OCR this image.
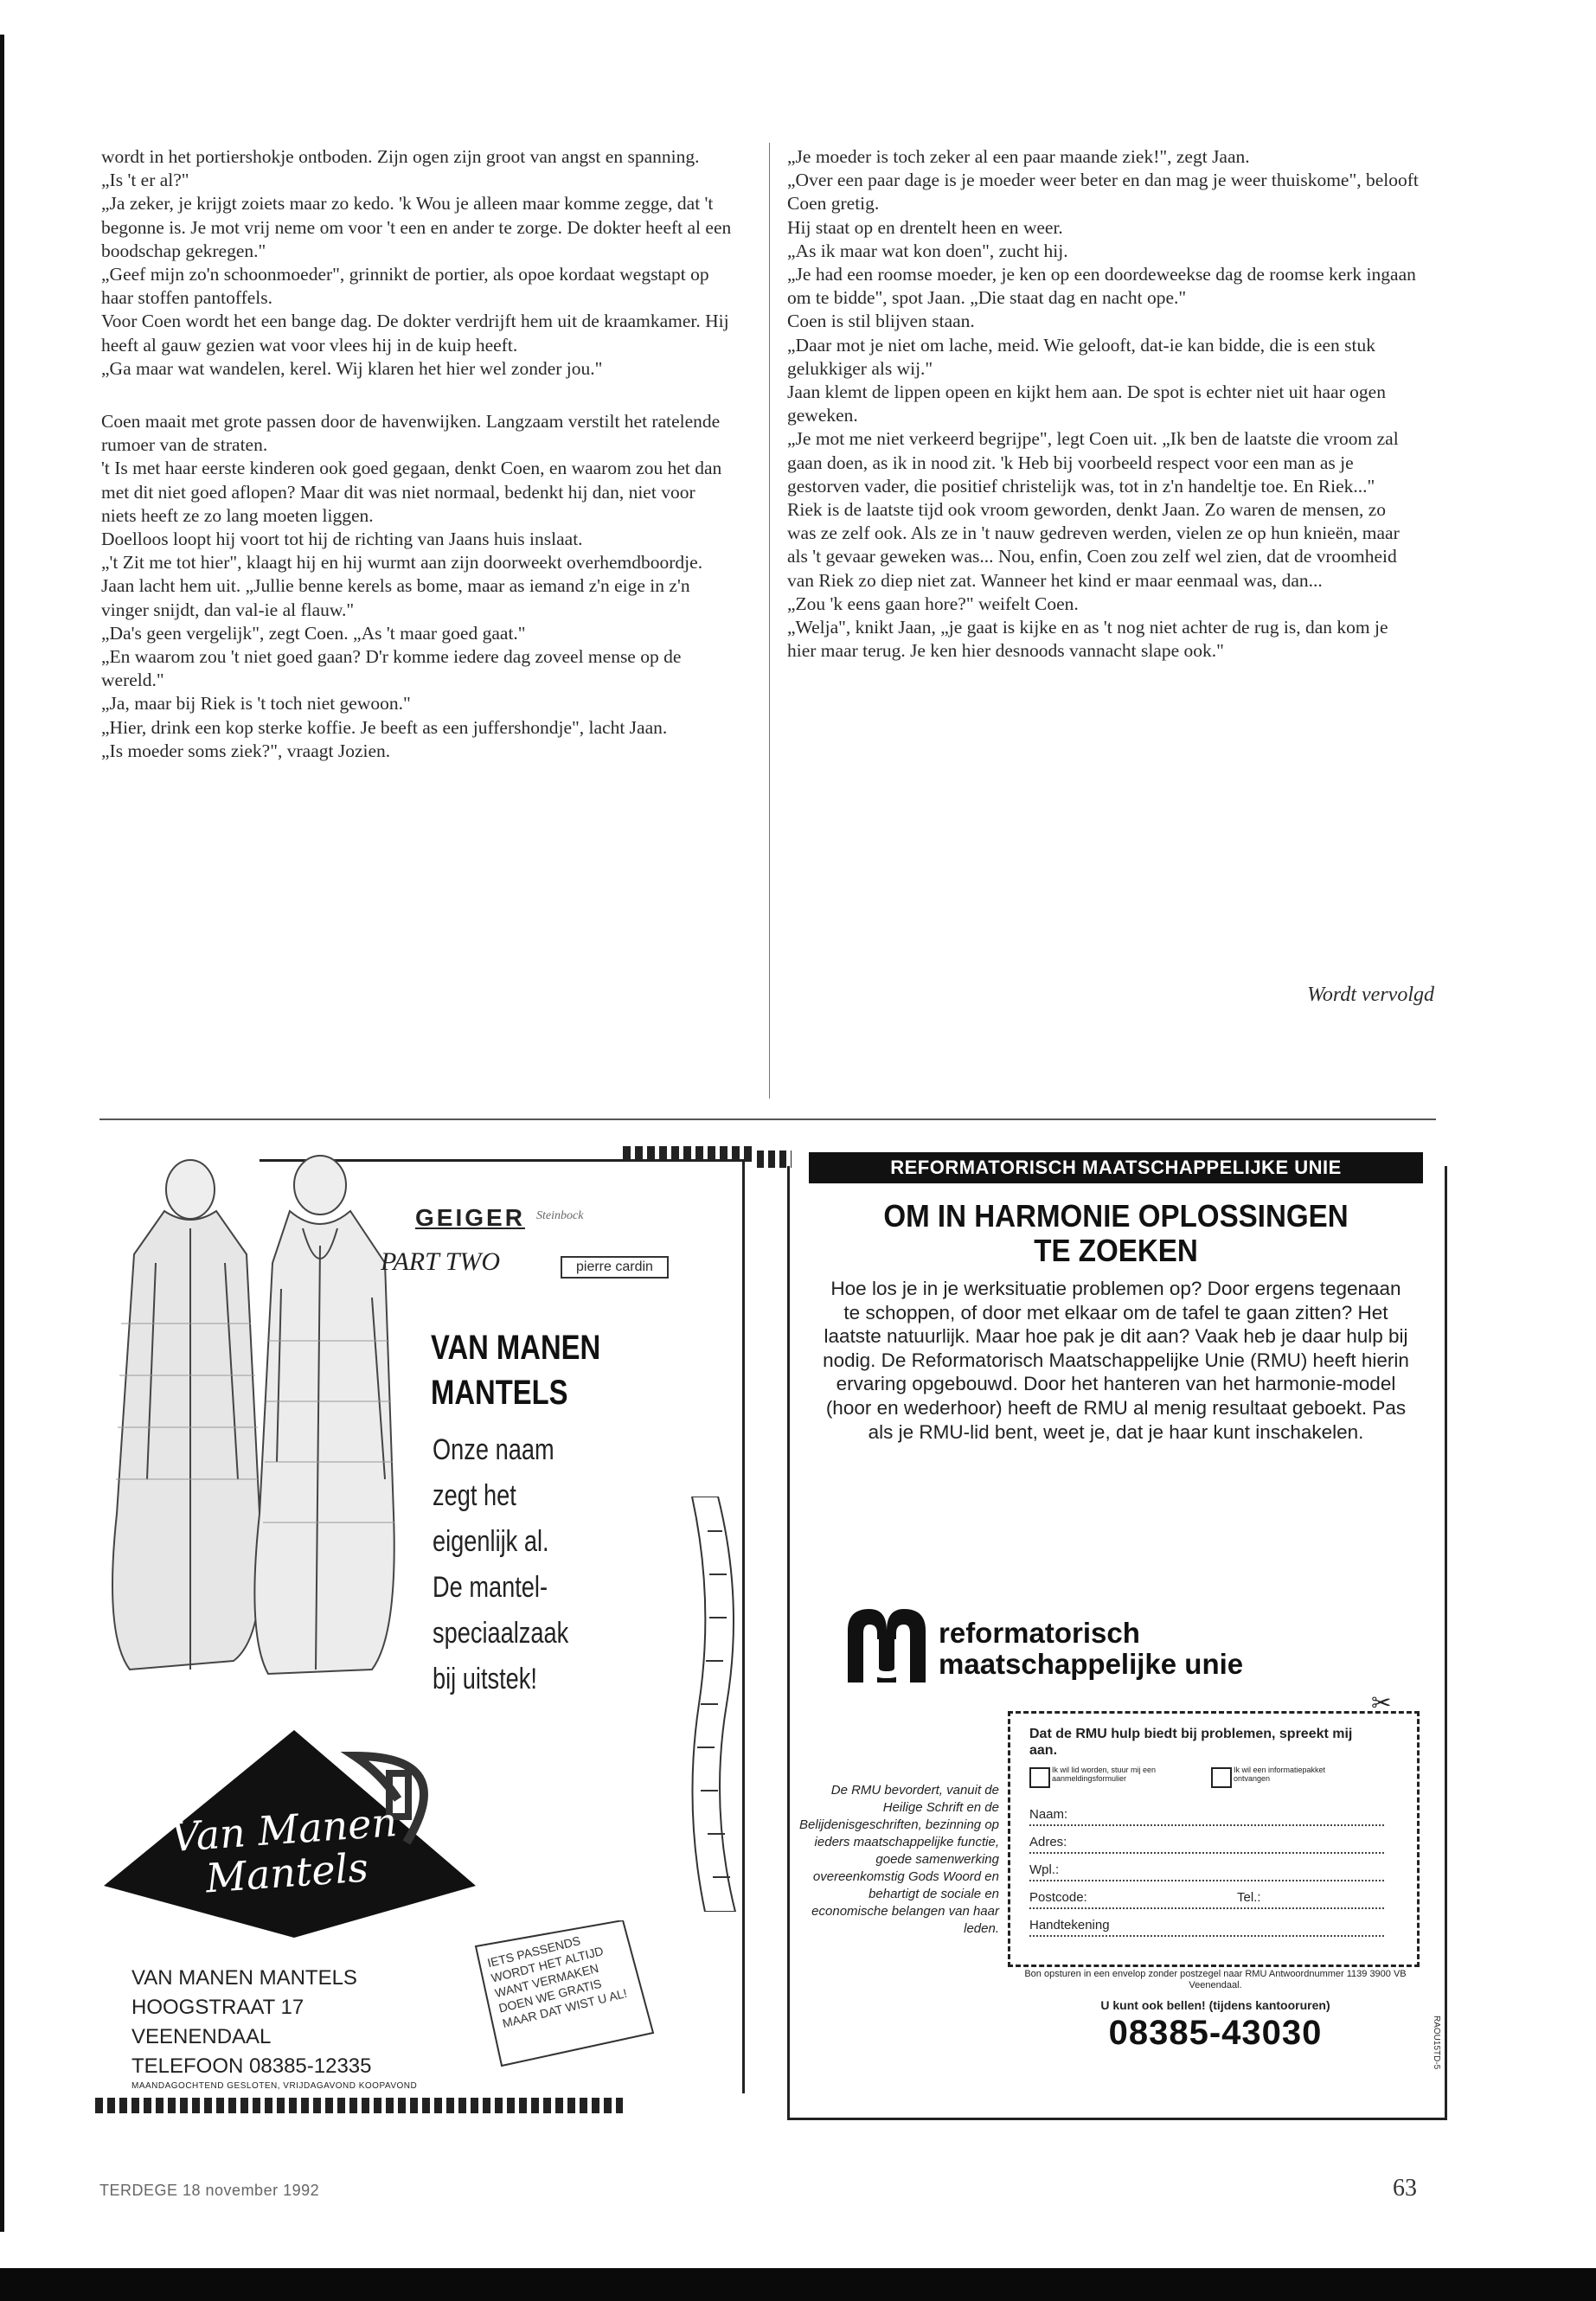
wordt in het portiershokje ontboden. Zijn ogen zijn groot van angst en spanning.

„Is 't er al?"

„Ja zeker, je krijgt zoiets maar zo kedo. 'k Wou je alleen maar komme zegge, dat 't begonne is. Je mot vrij neme om voor 't een en ander te zorge. De dokter heeft al een boodschap gekregen."

„Geef mijn zo'n schoonmoeder", grinnikt de portier, als opoe kordaat wegstapt op haar stoffen pantoffels.

Voor Coen wordt het een bange dag. De dokter verdrijft hem uit de kraamkamer. Hij heeft al gauw gezien wat voor vlees hij in de kuip heeft.

„Ga maar wat wandelen, kerel. Wij klaren het hier wel zonder jou."

Coen maait met grote passen door de havenwijken. Langzaam verstilt het ratelende rumoer van de straten.

't Is met haar eerste kinderen ook goed gegaan, denkt Coen, en waarom zou het dan met dit niet goed aflopen? Maar dit was niet normaal, bedenkt hij dan, niet voor niets heeft ze zo lang moeten liggen.

Doelloos loopt hij voort tot hij de richting van Jaans huis inslaat.

„'t Zit me tot hier", klaagt hij en hij wurmt aan zijn doorweekt overhemdboordje.

Jaan lacht hem uit. „Jullie benne kerels as bome, maar as iemand z'n eige in z'n vinger snijdt, dan val-ie al flauw."

„Da's geen vergelijk", zegt Coen. „As 't maar goed gaat."

„En waarom zou 't niet goed gaan? D'r komme iedere dag zoveel mense op de wereld."

„Ja, maar bij Riek is 't toch niet gewoon."

„Hier, drink een kop sterke koffie. Je beeft as een juffershondje", lacht Jaan.

„Is moeder soms ziek?", vraagt Jozien.

„Je moeder is toch zeker al een paar maande ziek!", zegt Jaan.

„Over een paar dage is je moeder weer beter en dan mag je weer thuiskome", belooft Coen gretig.

Hij staat op en drentelt heen en weer.

„As ik maar wat kon doen", zucht hij.

„Je had een roomse moeder, je ken op een doordeweekse dag de roomse kerk ingaan om te bidde", spot Jaan. „Die staat dag en nacht ope."

Coen is stil blijven staan.

„Daar mot je niet om lache, meid. Wie gelooft, dat-ie kan bidde, die is een stuk gelukkiger als wij."

Jaan klemt de lippen opeen en kijkt hem aan. De spot is echter niet uit haar ogen geweken.

„Je mot me niet verkeerd begrijpe", legt Coen uit. „Ik ben de laatste die vroom zal gaan doen, as ik in nood zit. 'k Heb bij voorbeeld respect voor een man as je gestorven vader, die positief christelijk was, tot in z'n handeltje toe. En Riek..."

Riek is de laatste tijd ook vroom geworden, denkt Jaan. Zo waren de mensen, zo was ze zelf ook. Als ze in 't nauw gedreven werden, vielen ze op hun knieën, maar als 't gevaar geweken was... Nou, enfin, Coen zou zelf wel zien, dat de vroomheid van Riek zo diep niet zat. Wanneer het kind er maar eenmaal was, dan...

„Zou 'k eens gaan hore?" weifelt Coen.

„Welja", knikt Jaan, „je gaat is kijke en as 't nog niet achter de rug is, dan kom je hier maar terug. Je ken hier desnoods vannacht slape ook."

Wordt vervolgd
GEIGER Steinbock
PART TWO	pierre cardin
VAN MANEN
MANTELS
Onze naam
zegt het
eigenlijk al.
De mantel-
speciaalzaak
bij uitstek!
Van Manen Mantels
IETS PASSENDS WORDT HET ALTIJD WANT VERMAKEN DOEN WE GRATIS MAAR DAT WIST U AL!
VAN MANEN MANTELS
HOOGSTRAAT 17
VEENENDAAL
TELEFOON 08385-12335
MAANDAGOCHTEND GESLOTEN, VRIJDAGAVOND KOOPAVOND
REFORMATORISCH MAATSCHAPPELIJKE UNIE
OM IN HARMONIE OPLOSSINGEN
TE ZOEKEN
Hoe los je in je werksituatie problemen op? Door ergens tegenaan te schoppen, of door met elkaar om de tafel te gaan zitten? Het laatste natuurlijk. Maar hoe pak je dit aan? Vaak heb je daar hulp bij nodig. De Reformatorisch Maatschappelijke Unie (RMU) heeft hierin ervaring opgebouwd. Door het hanteren van het harmonie-model (hoor en wederhoor) heeft de RMU al menig resultaat geboekt. Pas als je RMU-lid bent, weet je, dat je haar kunt inschakelen.
reformatorisch
maatschappelijke unie
✂
Dat de RMU hulp biedt bij problemen, spreekt mij aan.
Ik wil lid worden, stuur mij een aanmeldingsformulier
Ik wil een informatiepakket ontvangen
Naam:
Adres:
Wpl.:
Postcode:	Tel.:
Handtekening
De RMU bevordert, vanuit de Heilige Schrift en de Belijdenisgeschriften, bezinning op ieders maatschappelijke functie, goede samenwerking overeenkomstig Gods Woord en behartigt de sociale en economische belangen van haar leden.
Bon opsturen in een envelop zonder postzegel naar RMU Antwoordnummer 1139 3900 VB Veenendaal.
U kunt ook bellen! (tijdens kantooruren)
08385-43030	RAOU15TD-5
TERDEGE 18 november 1992	63
